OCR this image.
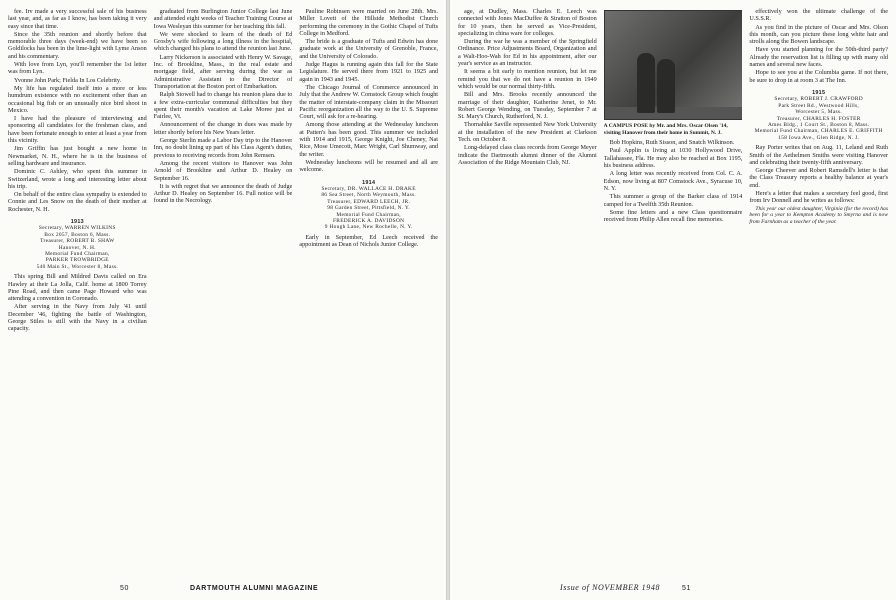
fee. Irv made a very successful sale of his business last year, and, as far as I know, has been taking it very easy since that time.

Since the 35th reunion and shortly before that memorable three days (week-end) we have been so Goldilocks has been in the lime-light with Lyme Anson and his commentary.

With love from Lyn, you'll remember the 1st letter was from Lyn.

Yvonne John Park; Fielda In Los Celebrity.

My life has regulated itself into a more or less humdrum existence with no excitement other than an occasional big fish or an unusually nice bird shoot in Mexico.

I have had the pleasure of interviewing and sponsoring all candidates for the freshman class, and have been fortunate enough to enter at least a year from this vicinity.

Jim Griffin has just bought a new home in Newmarket, N. H., where he is in the business of selling hardware and insurance.

Dominic C. Ashley, who spent this summer in Switzerland, wrote a long and interesting letter about his trip.

On behalf of the entire class sympathy is extended to Connie and Les Snow on the death of their mother at Rochester, N. H.

1913
Secretary, WARREN WILKINS
Box 2057, Boston 6, Mass.
Treasurer, ROBERT B. SHAW
Hanover, N. H.
Memorial Fund Chairman,
PARKER TROWBRIDGE
540 Main St., Worcester 8, Mass.

This spring Bill and Mildred Davis called on Era Hawley at their La Jolla, Calif. home at 1800 Torrey Pine Road, and then came Page Howard who was attending a convention in Coronado.

After serving in the Navy from July '41 until December '46, fighting the battle of Washington, George Stiles is still with the Navy in a civilian capacity.

graduated from Burlington Junior College last June and attended eight weeks of Teacher Training Course at Iowa Wesleyan this summer for her teaching this fall.

We were shocked to learn of the death of Ed Grosby's wife following a long illness in the hospital, which changed his plans to attend the reunion last June.

Larry Nickerson is associated with Henry W. Savage, Inc. of Brookline, Mass., in the real estate and mortgage field, after serving during the war as Administrative Assistant to the Director of Transportation at the Boston port of Embarkation.

Ralph Stowell had to change his reunion plans due to a few extra-curricular communal difficulties but they spent their month's vacation at Lake Moree just at Fairlee, Vt.

Announcement of the change in dues was made by letter shortly before his New Years letter.

George Sterlin made a Labor Day trip to the Hanover Inn, no doubt lining up part of his Class Agent's duties, previous to receiving records from John Remsen.

Among the recent visitors to Hanover was John Arnold of Brookline and Arthur D. Healey on September 16.

It is with regret that we announce the death of Judge Arthur D. Healey on September 16. Full notice will be found in the Necrology.

Pauline Robinsen were married on June 28th. Mrs. Miller Lovett of the Hillside Methodist Church performing the ceremony in the Gothic Chapel of Tufts College in Medford.

The bride is a graduate of Tufts and Edwin has done graduate work at the University of Grenoble, France, and the University of Colorado.

Judge Hagus is running again this fall for the State Legislature. He served there from 1921 to 1925 and again in 1943 and 1945.

The Chicago Journal of Commerce announced in July that the Andrew W. Comstock Group which fought the matter of interstate-company claim in the Missouri Pacific reorganization all the way to the U. S. Supreme Court, will ask for a re-hearing.

Among those attending at the Wednesday luncheon at Patten's has been good. This summer we included with 1914 and 1915, George Knight, Joe Cheney, Nat Rice, Mose Umecott, Marc Wright, Carl Shumway, and the writer.

Wednesday luncheons will be resumed and all are welcome.

1914
Secretary, DR. WALLACE H. DRAKE
86 Sea Street, North Weymouth, Mass.
Treasurer, EDWARD LEECH, JR.
98 Garden Street, Pittsfield, N. Y.
Memorial Fund Chairman,
FREDERICK A. DAVIDSON
9 Hough Lane, New Rochelle, N. Y.

Early in September, Ed Leech received the appointment as Dean of Nichols Junior College.

50	DARTMOUTH ALUMNI MAGAZINE

age, at Dudley, Mass. Charles E. Leech was connected with Jones MacDuffee & Stratton of Boston for 10 years, then he served as Vice-President, specializing in china ware for colleges.

During the war he was a member of the Springfield Ordinance. Price Adjustments Board, Organization and a Walt-Hoo-Wah for Ed in his appointment, after our year's service as an instructor.

It seems a bit early to mention reunion, but let me remind you that we do not have a reunion in 1949 which would be our normal thirty-fifth.

Bill and Mrs. Brooks recently announced the marriage of their daughter, Katherine Jenet, to Mr. Robert George Wending, on Tuesday, September 7 at St. Mary's Church, Rutherford, N. J.

Thornahike Saville represented New York University at the installation of the new President at Clarkson Tech. on October 8.

Long-delayed class class records from George Meyer indicate the Dartmouth alumni dinner of the Alumni Association of the Ridge Mountain Club, NJ.

A CAMPUS POSE by Mr. and Mrs. Oscar Olsen '14, visiting Hanover from their home in Summit, N. J.

Bob Hopkins, Ruth Sisson, and Snatch Wilkinson.

Paul Applin is living at 1030 Hollywood Drive, Tallahassee, Fla. He may also be reached at Box 1195, his business address.

A long letter was recently received from Col. C. A. Edson, now living at 807 Comstock Ave., Syracuse 10, N. Y.

This summer a group of the Barker class of 1914 camped for a Twelfth 35th Reunion.

Some fine letters and a new Class questionnaire received from Philip Allen recall fine memories.

effectively won the ultimate challenge of the U.S.S.R.

As you find in the picture of Oscar and Mrs. Olson this month, can you picture these long white hair and strolls along the Bowen landscape.

Have you started planning for the 50th-third party? Already the reservation list is filling up with many old names and several new faces.

Hope to see you at the Columbia game. If not there, be sure to drop in at room 3 at The Inn.

1915
Secretary, ROBERT J. CRAWFORD
Park Street Rd., Westwood Hills,
Worcester 5, Mass.
Treasurer, CHARLES H. FOSTER
Ames Bldg., 1 Court St., Boston 8, Mass.
Memorial Fund Chairman, CHARLES E. GRIFFITH
158 Iowa Ave., Glen Ridge, N. J.

Ray Porter writes that on Aug. 11, Leland and Ruth Smith of the Aethelmen Smiths were visiting Hanover and celebrating their twenty-fifth anniversary.

George Cheever and Robert Ramsdell's letter is that the Class Treasury reports a healthy balance at year's end.

Here's a letter that makes a secretary feel good, first from Irv Donnell and he writes as follows:

This year our oldest daughter, Virginia (for the record) has been for a year to Kempton Academy to Smyrna and is now from Farnham as a teacher of the year.

Issue of NOVEMBER 1948	51
